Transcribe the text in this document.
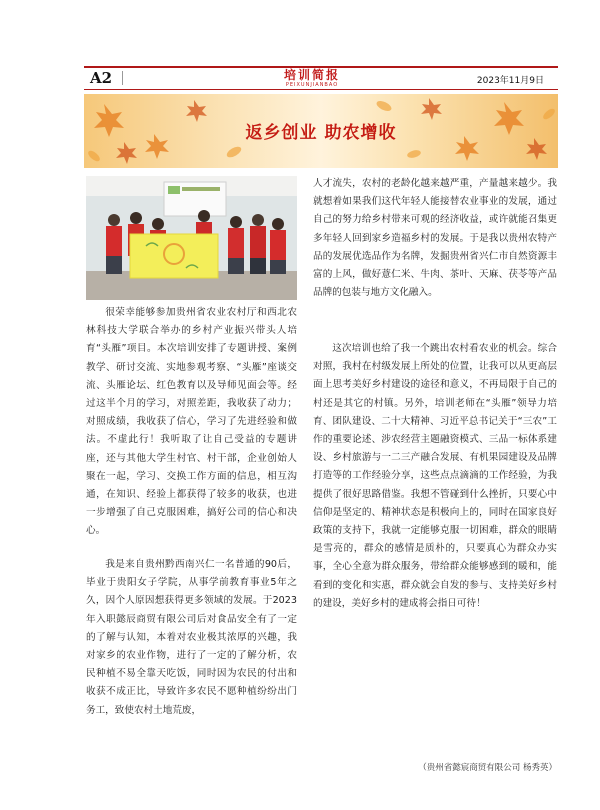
A2	培训简报
PEIXUNJIANBAO	2023年11月9日
返乡创业 助农增收

很荣幸能够参加贵州省农业农村厅和西北农林科技大学联合举办的乡村产业振兴带头人培育“头雁”项目。本次培训安排了专题讲授、案例教学、研讨交流、实地参观考察、“头雁”座谈交流、头雁论坛、红色教育以及导师见面会等。经过这半个月的学习，对照差距，我收获了动力；对照成绩，我收获了信心，学习了先进经验和做法。不虚此行！我听取了让自己受益的专题讲座，还与其他大学生村官、村干部，企业创始人聚在一起，学习、交换工作方面的信息，相互沟通，在知识、经验上都获得了较多的收获，也进一步增强了自己克服困难，搞好公司的信心和决心。

我是来自贵州黔西南兴仁一名普通的90后，毕业于贵阳女子学院，从事学前教育事业5年之久，因个人原因想获得更多领域的发展。于2023年入职懿辰商贸有限公司后对食品安全有了一定的了解与认知，本着对农业极其浓厚的兴趣，我对家乡的农业作物，进行了一定的了解分析，农民种植不易全靠天吃饭，同时因为农民的付出和收获不成正比，导致许多农民不愿种植纷纷出门务工，致使农村土地荒废，

人才流失，农村的老龄化越来越严重，产量越来越少。我就想着如果我们这代年轻人能接替农业事业的发展，通过自己的努力给乡村带来可观的经济收益，或许就能召集更多年轻人回到家乡造福乡村的发展。于是我以贵州农特产品的发展优选品作为名牌，发掘贵州省兴仁市自然资源丰富的上风，做好薏仁米、牛肉、茶叶、天麻、茯苓等产品品牌的包装与地方文化融入。

这次培训也给了我一个跳出农村看农业的机会。综合对照，我村在村级发展上所处的位置，让我可以从更高层面上思考美好乡村建设的途径和意义，不再局限于自己的村还是其它的村镇。另外，培训老师在“头雁”领导力培育、团队建设、二十大精神、习近平总书记关于“三农”工作的重要论述、涉农经营主题融资模式、三品一标体系建设、乡村旅游与一二三产融合发展、有机果园建设及品牌打造等的工作经验分享，这些点点滴滴的工作经验，为我提供了很好思路借鉴。我想不管碰到什么挫折，只要心中信仰是坚定的、精神状态是积极向上的，同时在国家良好政策的支持下，我就一定能够克服一切困难，群众的眼睛是雪亮的，群众的感情是质朴的，只要真心为群众办实事，全心全意为群众服务，带给群众能够感到的暖和，能看到的变化和实惠，群众就会自发的参与、支持美好乡村的建设，美好乡村的建成将会指日可待！

（贵州省懿宸商贸有限公司 杨秀英）
